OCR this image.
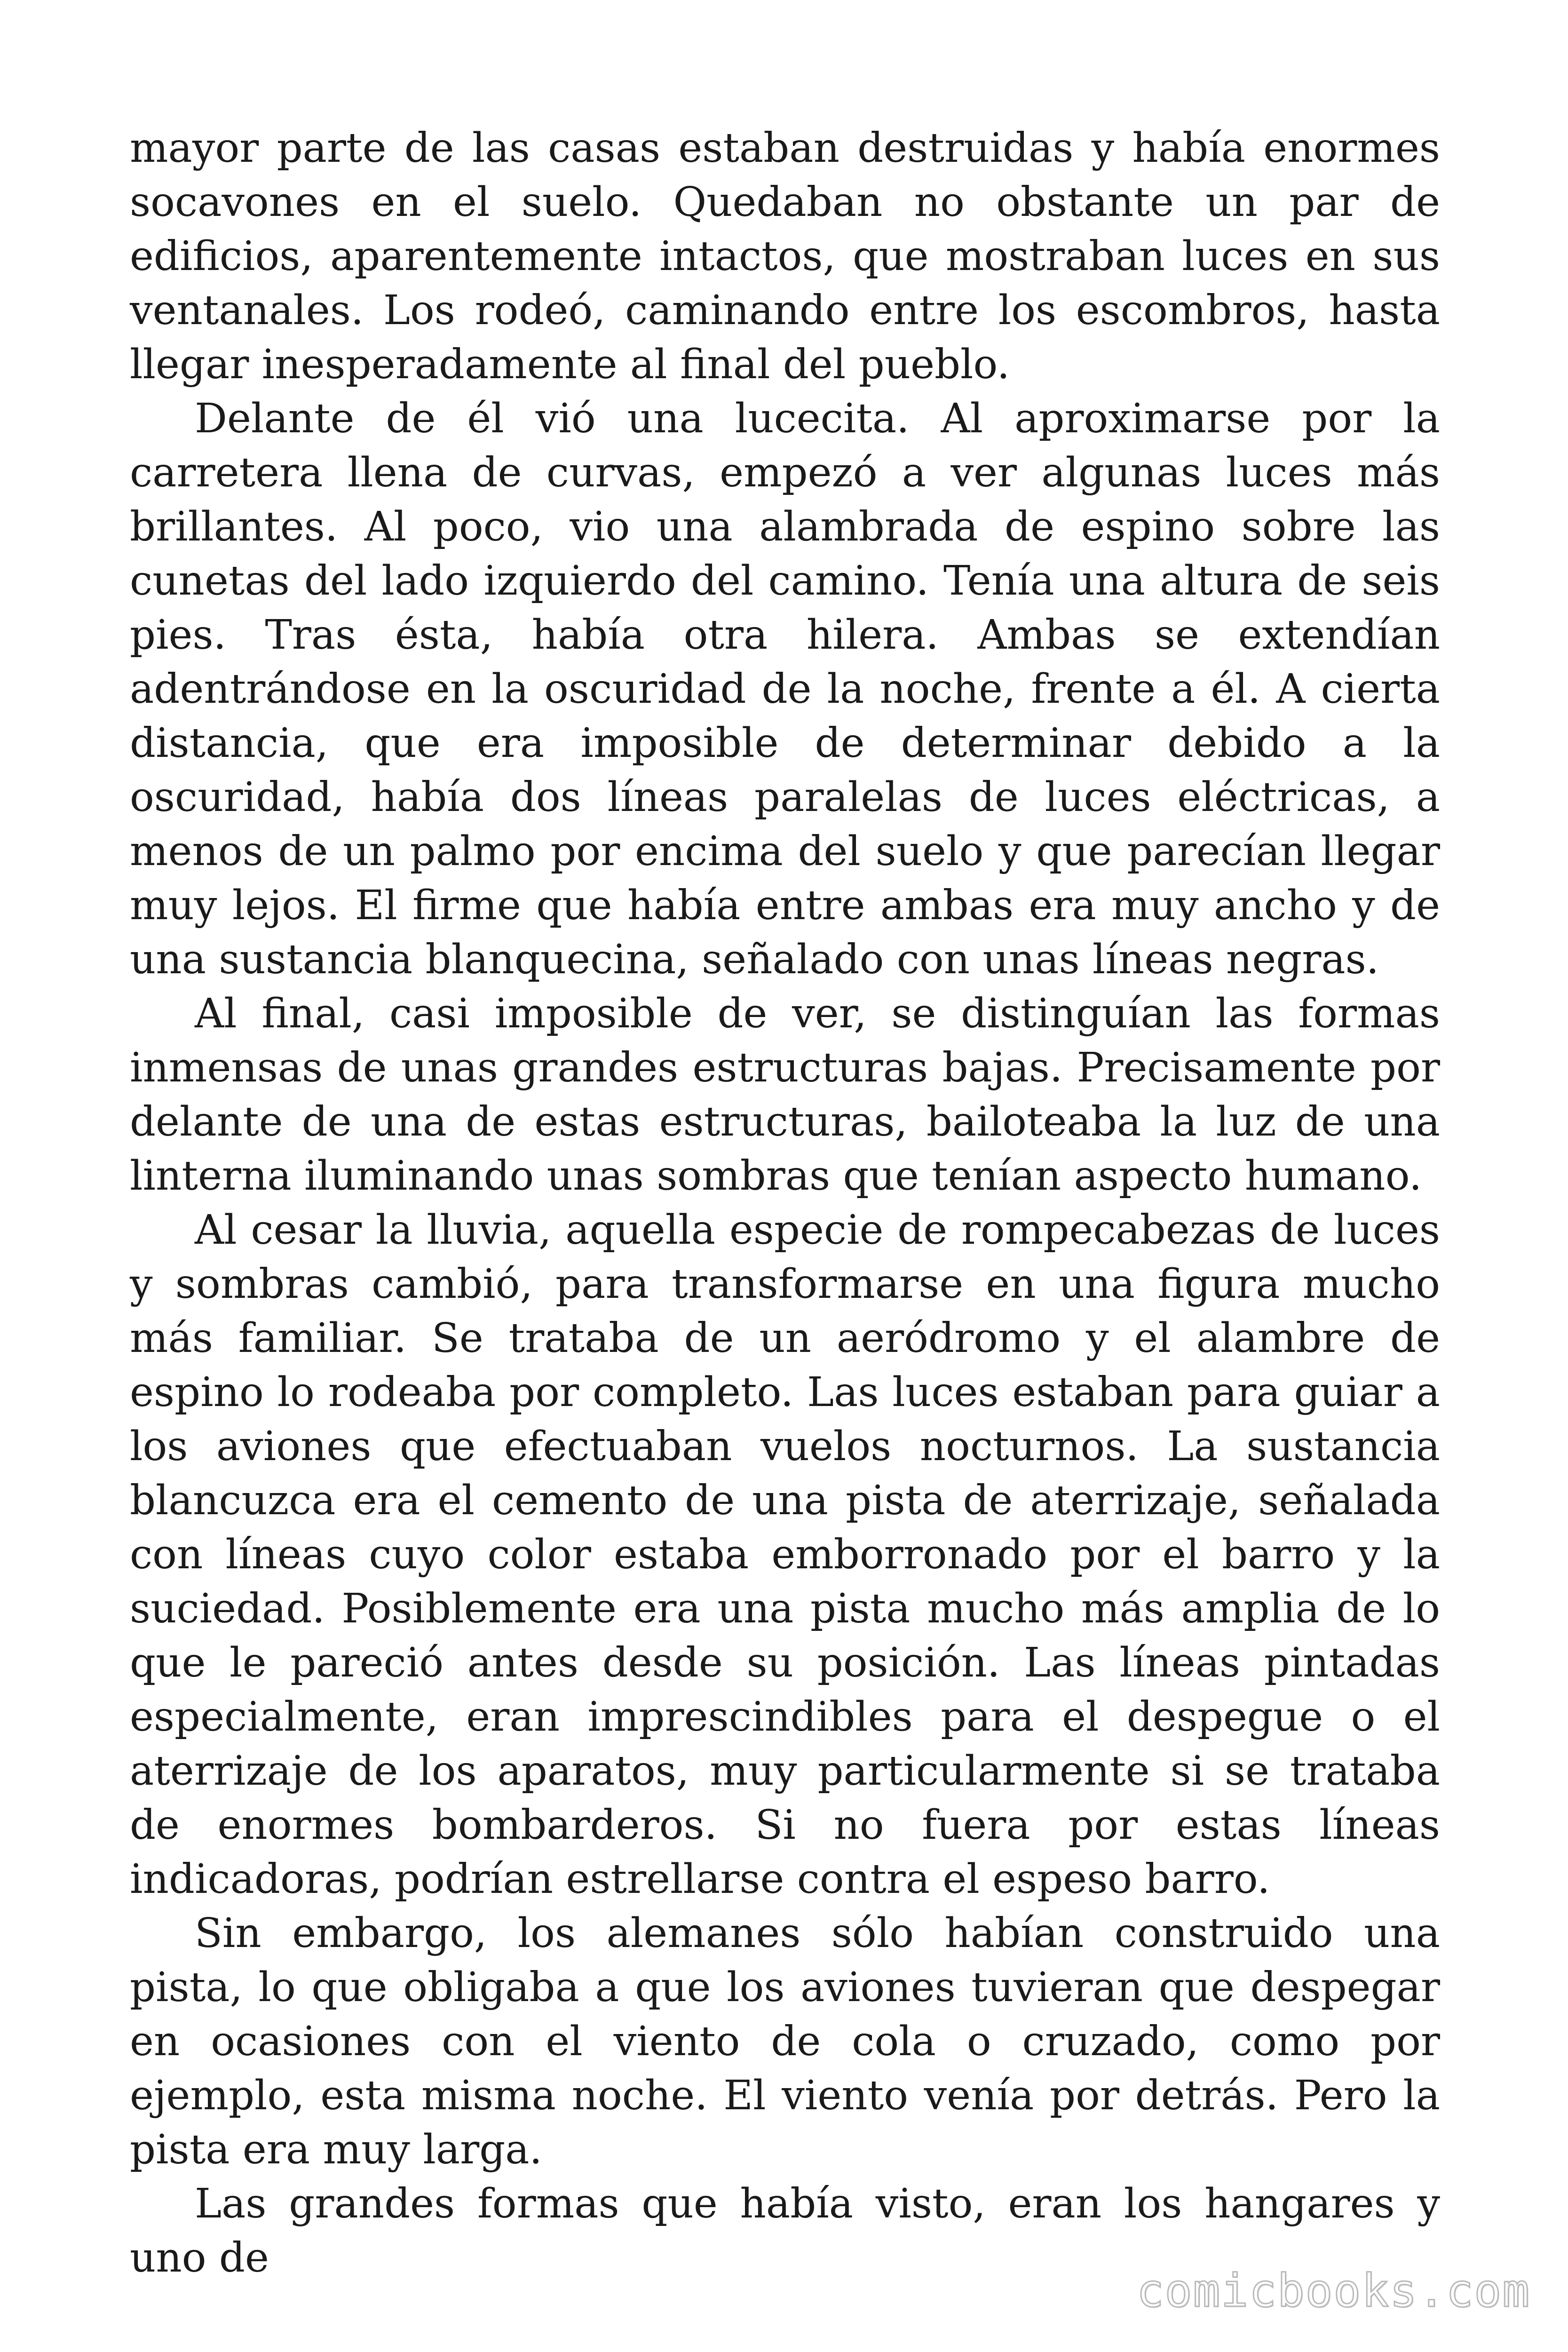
mayor parte de las casas estaban destruidas y había enormes socavones en el suelo. Quedaban no obstante un par de edificios, aparentemente intactos, que mostraban luces en sus ventanales. Los rodeó, caminando entre los escombros, hasta llegar inesperadamente al final del pueblo.

Delante de él vió una lucecita. Al aproximarse por la carretera llena de curvas, empezó a ver algunas luces más brillantes. Al poco, vio una alambrada de espino sobre las cunetas del lado izquierdo del camino. Tenía una altura de seis pies. Tras ésta, había otra hilera. Ambas se extendían adentrándose en la oscuridad de la noche, frente a él. A cierta distancia, que era imposible de determinar debido a la oscuridad, había dos líneas paralelas de luces eléctricas, a menos de un palmo por encima del suelo y que parecían llegar muy lejos. El firme que había entre ambas era muy ancho y de una sustancia blanquecina, señalado con unas líneas negras.

Al final, casi imposible de ver, se distinguían las formas inmensas de unas grandes estructuras bajas. Precisamente por delante de una de estas estructuras, bailoteaba la luz de una linterna iluminando unas sombras que tenían aspecto humano.

Al cesar la lluvia, aquella especie de rompecabezas de luces y sombras cambió, para transformarse en una figura mucho más familiar. Se trataba de un aeródromo y el alambre de espino lo rodeaba por completo. Las luces estaban para guiar a los aviones que efectuaban vuelos nocturnos. La sustancia blancuzca era el cemento de una pista de aterrizaje, señalada con líneas cuyo color estaba emborronado por el barro y la suciedad. Posiblemente era una pista mucho más amplia de lo que le pareció antes desde su posición. Las líneas pintadas especialmente, eran imprescindibles para el despegue o el aterrizaje de los aparatos, muy particularmente si se trataba de enormes bombarderos. Si no fuera por estas líneas indicadoras, podrían estrellarse contra el espeso barro.

Sin embargo, los alemanes sólo habían construido una pista, lo que obligaba a que los aviones tuvieran que despegar en ocasiones con el viento de cola o cruzado, como por ejemplo, esta misma noche. El viento venía por detrás. Pero la pista era muy larga.

Las grandes formas que había visto, eran los hangares y uno de

comicbooks.com
